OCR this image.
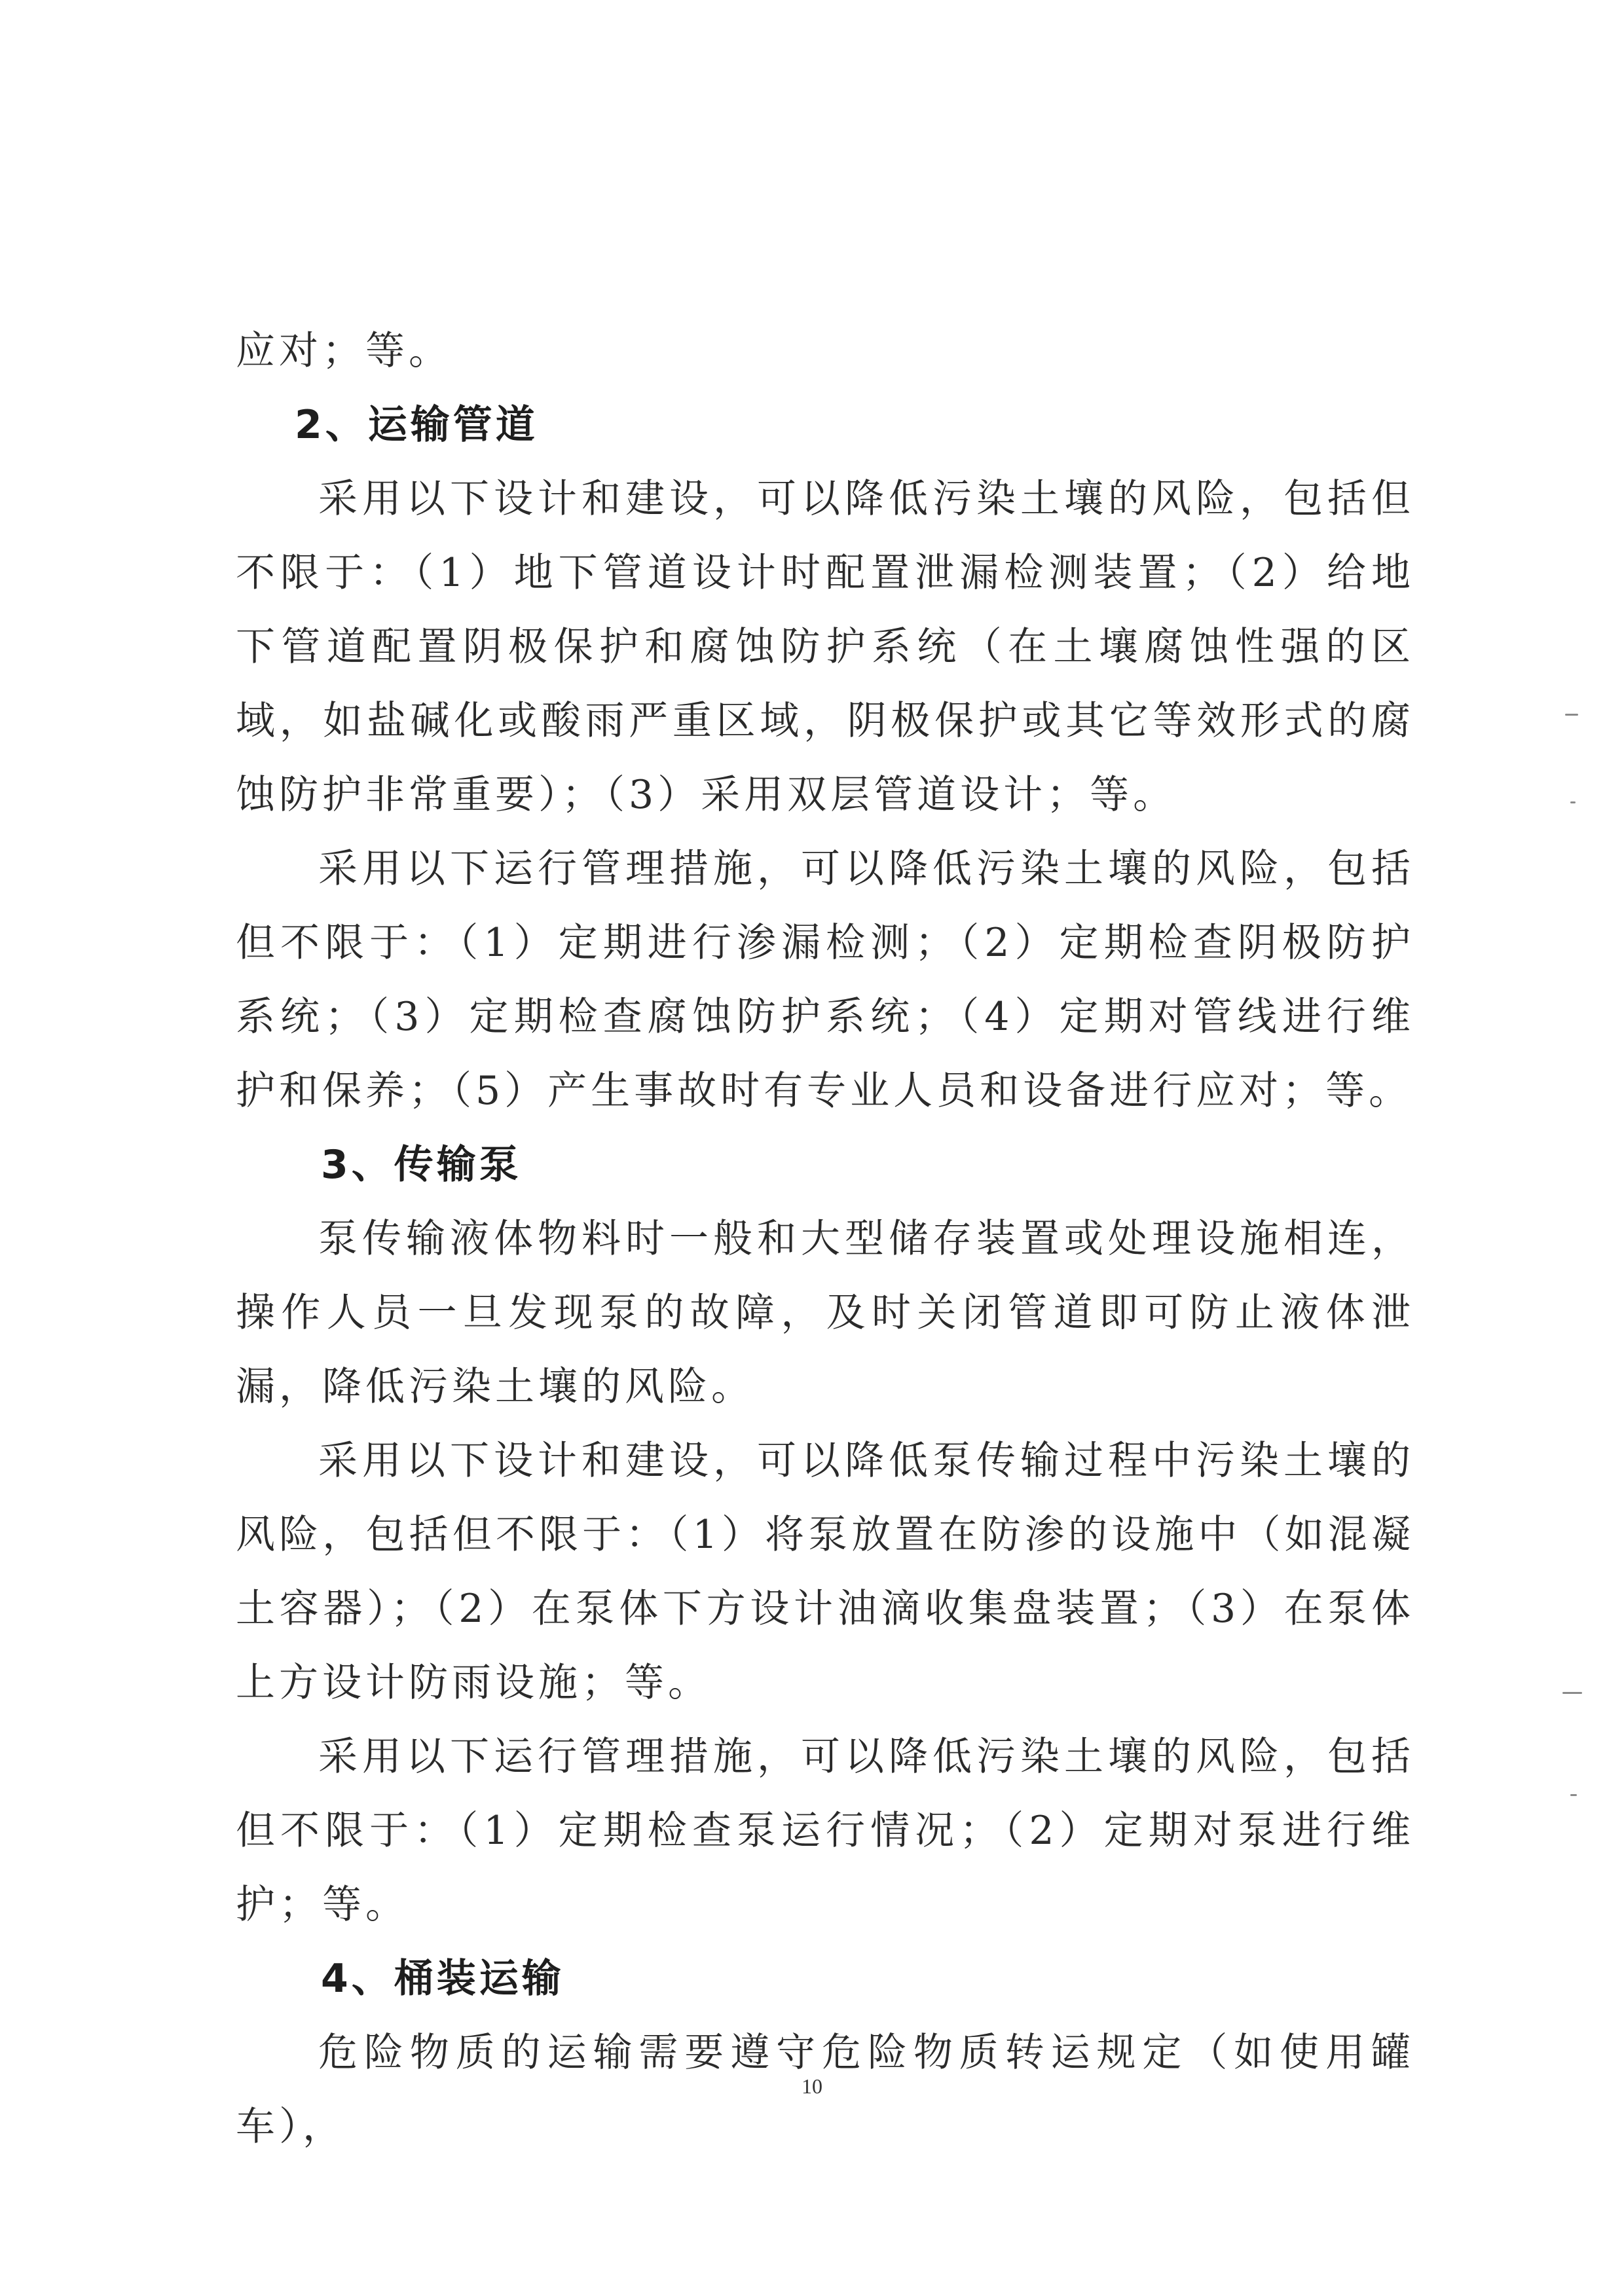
应对；等。

2、运输管道

采用以下设计和建设，可以降低污染土壤的风险，包括但不限于：（1）地下管道设计时配置泄漏检测装置；（2）给地下管道配置阴极保护和腐蚀防护系统（在土壤腐蚀性强的区域，如盐碱化或酸雨严重区域，阴极保护或其它等效形式的腐蚀防护非常重要）；（3）采用双层管道设计；等。

采用以下运行管理措施，可以降低污染土壤的风险，包括但不限于：（1）定期进行渗漏检测；（2）定期检查阴极防护系统；（3）定期检查腐蚀防护系统；（4）定期对管线进行维护和保养；（5）产生事故时有专业人员和设备进行应对；等。

3、传输泵

泵传输液体物料时一般和大型储存装置或处理设施相连，操作人员一旦发现泵的故障，及时关闭管道即可防止液体泄漏，降低污染土壤的风险。

采用以下设计和建设，可以降低泵传输过程中污染土壤的风险，包括但不限于：（1）将泵放置在防渗的设施中（如混凝土容器）；（2）在泵体下方设计油滴收集盘装置；（3）在泵体上方设计防雨设施；等。

采用以下运行管理措施，可以降低污染土壤的风险，包括但不限于：（1）定期检查泵运行情况；（2）定期对泵进行维护；等。

4、桶装运输

危险物质的运输需要遵守危险物质转运规定（如使用罐车），

10
